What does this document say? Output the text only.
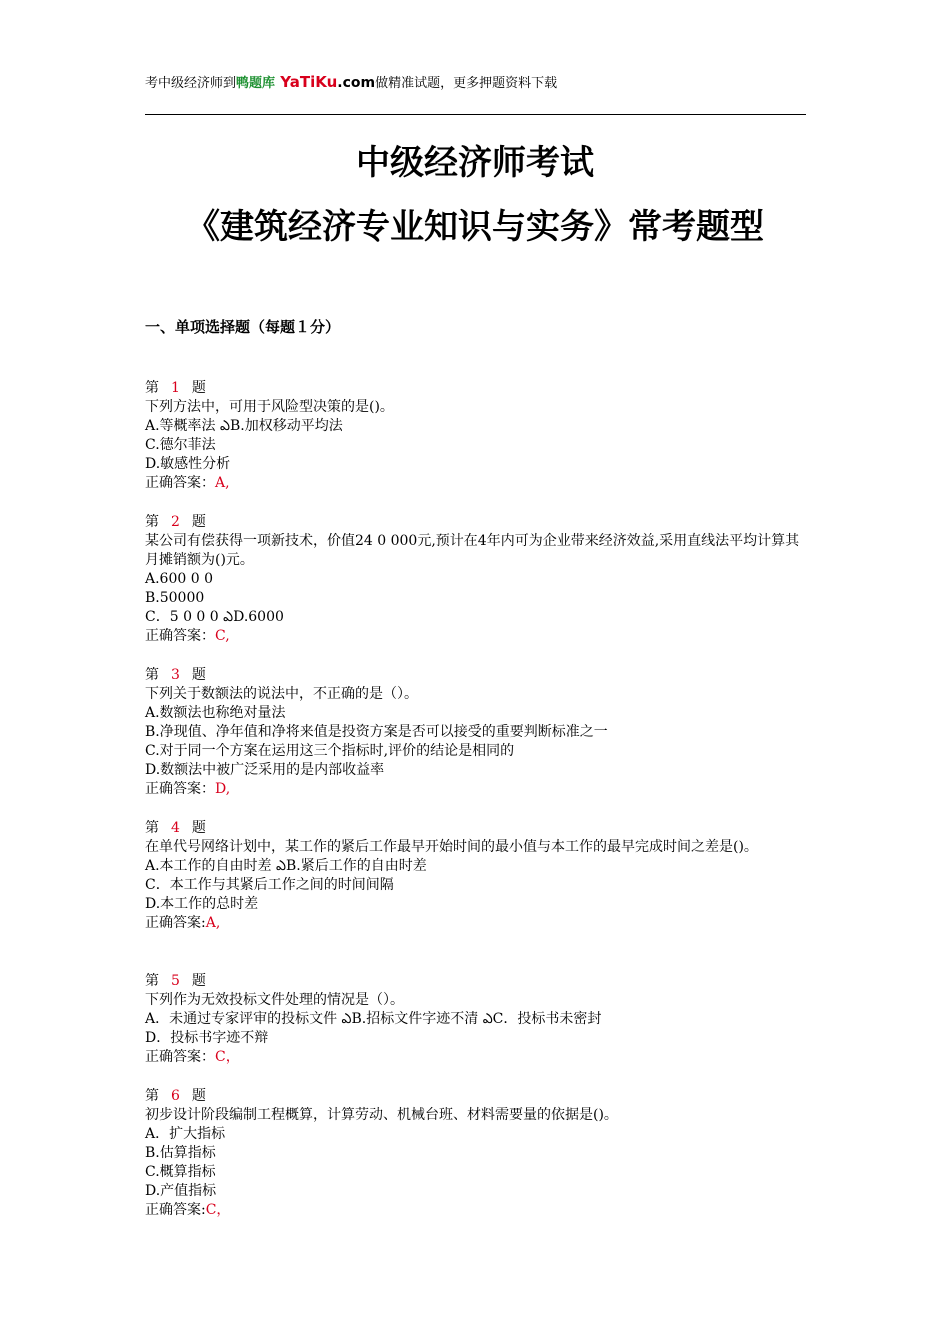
考中级经济师到鸭题库 YaTiKu.com做精准试题，更多押题资料下载
中级经济师考试
《建筑经济专业知识与实务》常考题型
一、单项选择题（每题１分）
第 1 题
下列方法中，可用于风险型决策的是()。
A.等概率法 ఎB.加权移动平均法
C.德尔菲法
D.敏感性分析
正确答案：A,
第 2 题
某公司有偿获得一项新技术，价值24 0 000元,预计在4年内可为企业带来经济效益,采用直线法平均计算其月摊销额为()元。
A.600 0 0
B.50000
C．5 0 0 0 ఎD.6000
正确答案：C,
第 3 题
下列关于数额法的说法中，不正确的是（）。
A.数额法也称绝对量法
B.净现值、净年值和净将来值是投资方案是否可以接受的重要判断标准之一
C.对于同一个方案在运用这三个指标时,评价的结论是相同的
D.数额法中被广泛采用的是内部收益率
正确答案：D,
第 4 题
在单代号网络计划中，某工作的紧后工作最早开始时间的最小值与本工作的最早完成时间之差是()。
A.本工作的自由时差 ఎB.紧后工作的自由时差
C．本工作与其紧后工作之间的时间间隔
D.本工作的总时差
正确答案:A,
第 5 题
下列作为无效投标文件处理的情况是（）。
A．未通过专家评审的投标文件 ఎB.招标文件字迹不清 ఎC．投标书未密封
D．投标书字迹不辩
正确答案：C，
第 6 题
初步设计阶段编制工程概算，计算劳动、机械台班、材料需要量的依据是()。
A．扩大指标
B.估算指标
C.概算指标
D.产值指标
正确答案:C，
